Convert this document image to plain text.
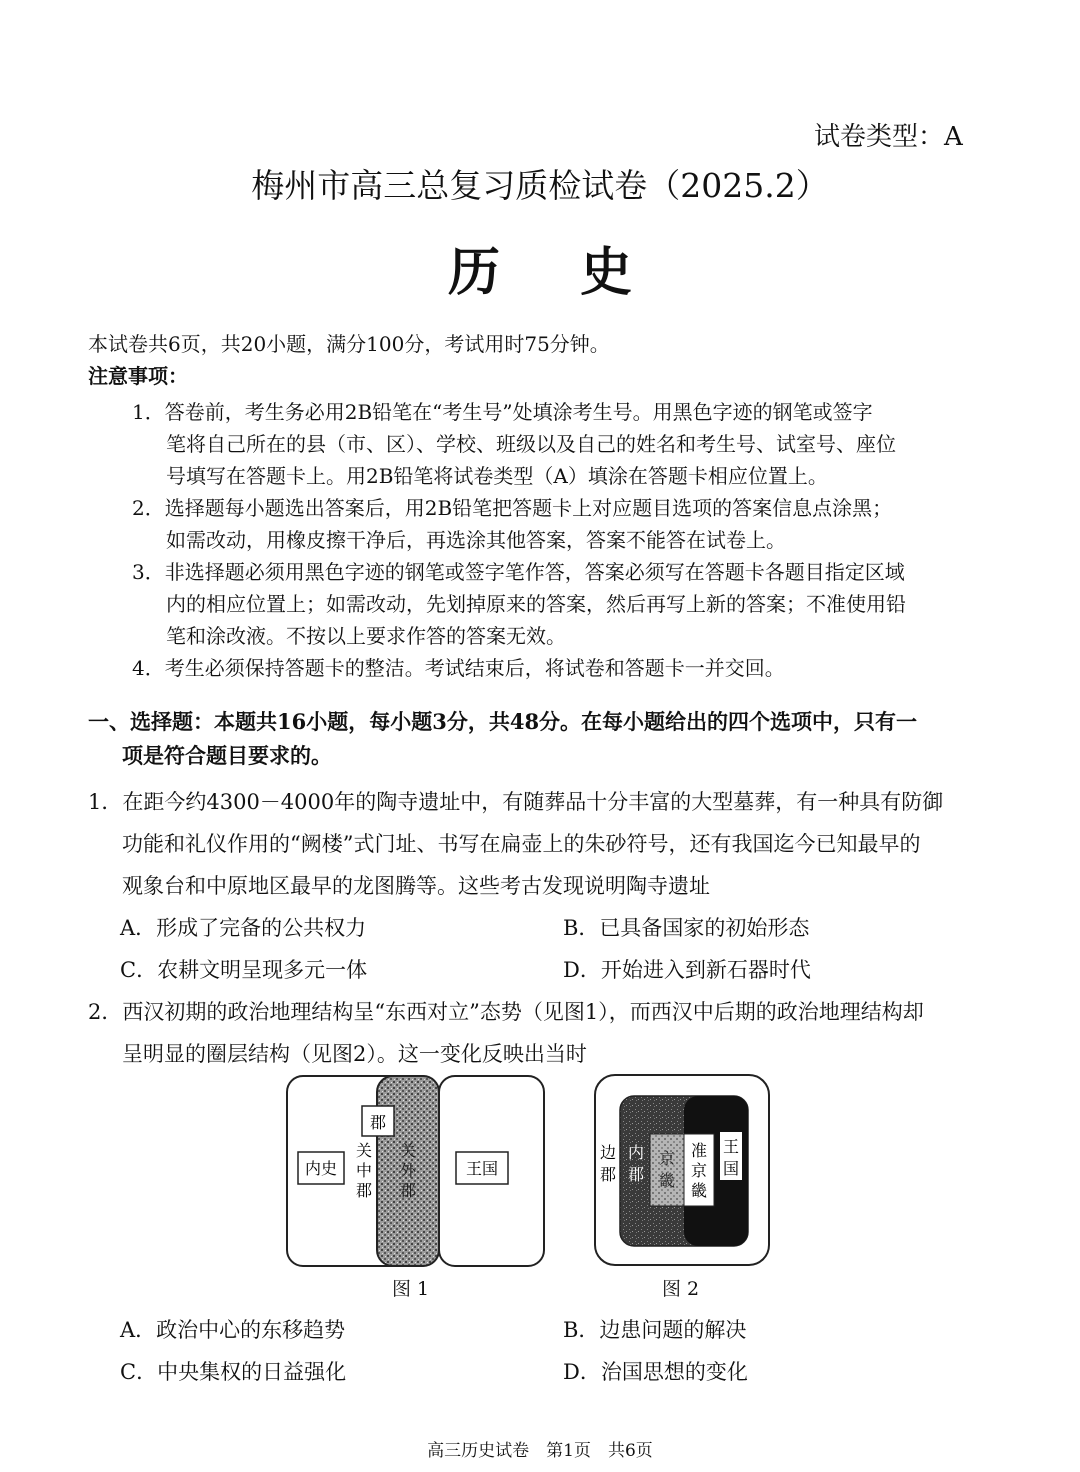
试卷类型：A
梅州市高三总复习质检试卷（2025.2）
历史
本试卷共6页，共20小题，满分100分，考试用时75分钟。
注意事项：
1．答卷前，考生务必用2B铅笔在“考生号”处填涂考生号。用黑色字迹的钢笔或签字
笔将自己所在的县（市、区）、学校、班级以及自己的姓名和考生号、试室号、座位
号填写在答题卡上。用2B铅笔将试卷类型（A）填涂在答题卡相应位置上。
2．选择题每小题选出答案后，用2B铅笔把答题卡上对应题目选项的答案信息点涂黑；
如需改动，用橡皮擦干净后，再选涂其他答案，答案不能答在试卷上。
3．非选择题必须用黑色字迹的钢笔或签字笔作答，答案必须写在答题卡各题目指定区域
内的相应位置上；如需改动，先划掉原来的答案，然后再写上新的答案；不准使用铅
笔和涂改液。不按以上要求作答的答案无效。
4．考生必须保持答题卡的整洁。考试结束后，将试卷和答题卡一并交回。
一、选择题：本题共16小题，每小题3分，共48分。在每小题给出的四个选项中，只有一
项是符合题目要求的。
1．在距今约4300－4000年的陶寺遗址中，有随葬品十分丰富的大型墓葬，有一种具有防御
功能和礼仪作用的“阙楼”式门址、书写在扁壶上的朱砂符号，还有我国迄今已知最早的
观象台和中原地区最早的龙图腾等。这些考古发现说明陶寺遗址
A．形成了完备的公共权力	B．已具备国家的初始形态
C．农耕文明呈现多元一体	D．开始进入到新石器时代
2．西汉初期的政治地理结构呈“东西对立”态势（见图1），而西汉中后期的政治地理结构却
呈明显的圈层结构（见图2）。这一变化反映出当时
内史
郡
关
中
郡
关
外
郡
王国
图 1
边
郡
内
郡
京
畿
准
京
畿
王
国
图 2
A．政治中心的东移趋势	B．边患问题的解决
C．中央集权的日益强化	D．治国思想的变化
高三历史试卷　第1页　共6页
